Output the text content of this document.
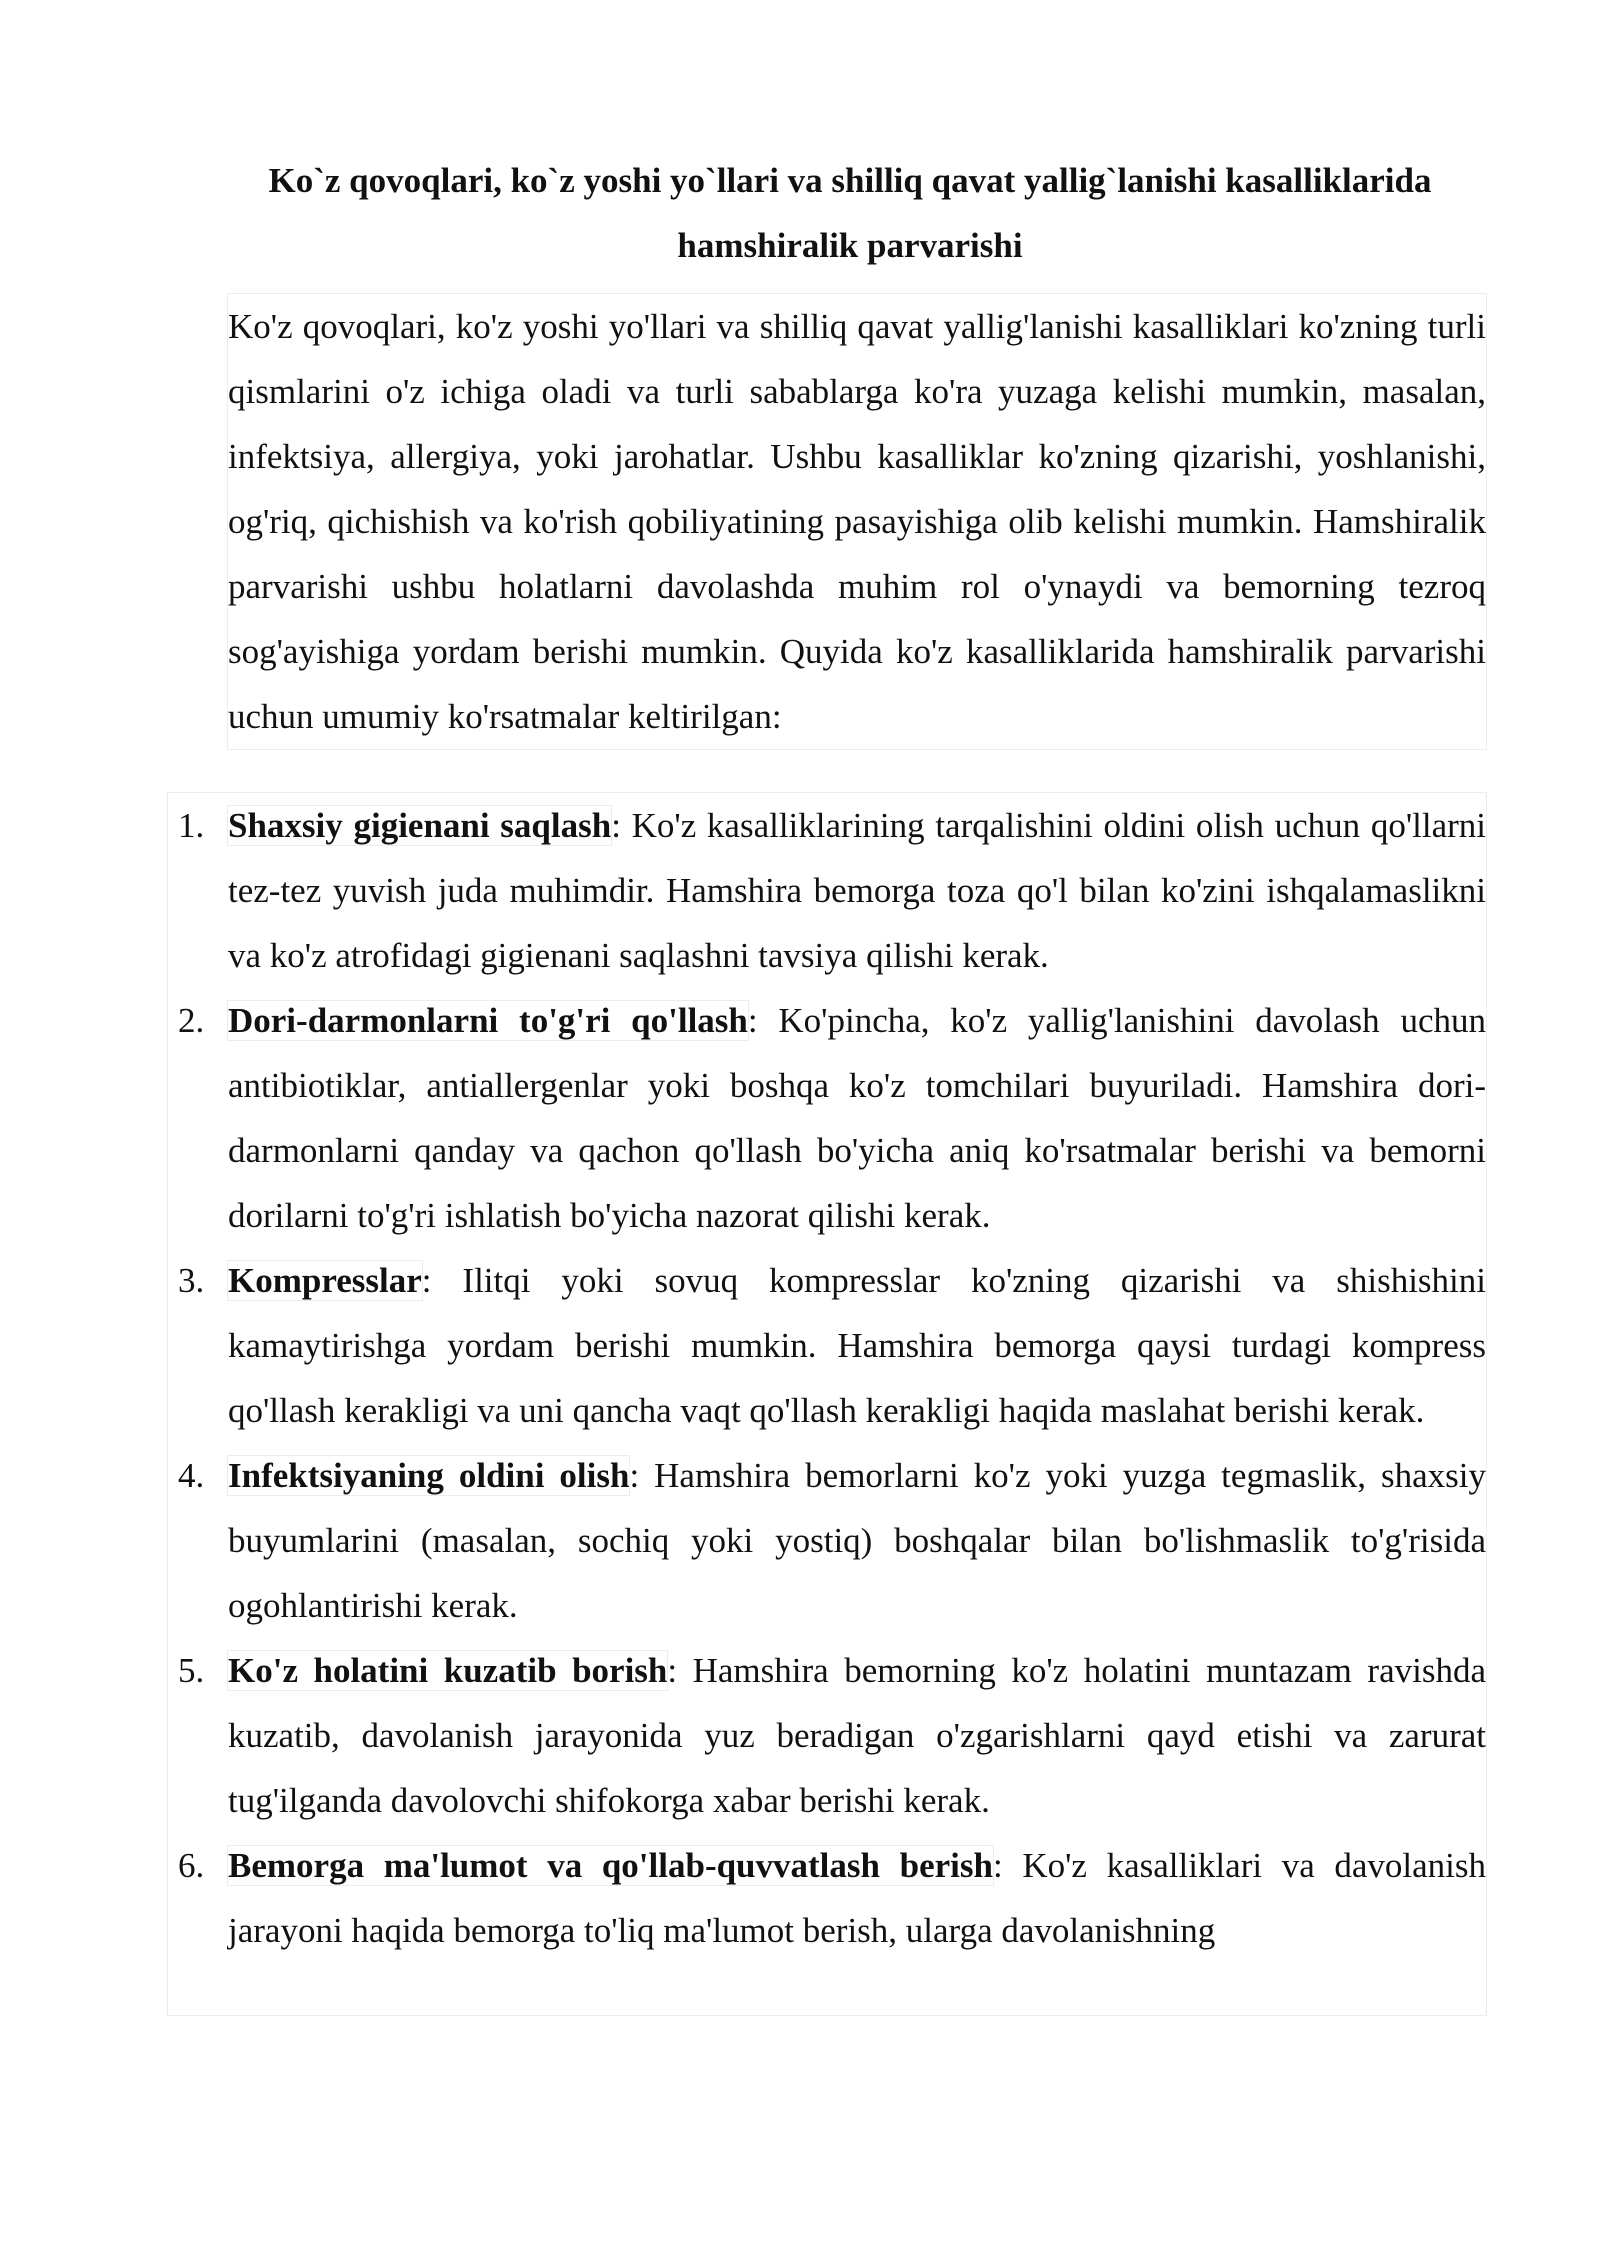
Ko`z qovoqlari, ko`z yoshi yo`llari va shilliq qavat yallig`lanishi kasalliklarida
hamshiralik parvarishi

Ko'z qovoqlari, ko'z yoshi yo'llari va shilliq qavat yallig'lanishi kasalliklari ko'zning turli qismlarini o'z ichiga oladi va turli sabablarga ko'ra yuzaga kelishi mumkin, masalan, infektsiya, allergiya, yoki jarohatlar. Ushbu kasalliklar ko'zning qizarishi, yoshlanishi, og'riq, qichishish va ko'rish qobiliyatining pasayishiga olib kelishi mumkin. Hamshiralik parvarishi ushbu holatlarni davolashda muhim rol o'ynaydi va bemorning tezroq sog'ayishiga yordam berishi mumkin. Quyida ko'z kasalliklarida hamshiralik parvarishi uchun umumiy ko'rsatmalar keltirilgan:

1. Shaxsiy gigienani saqlash: Ko'z kasalliklarining tarqalishini oldini olish uchun qo'llarni tez-tez yuvish juda muhimdir. Hamshira bemorga toza qo'l bilan ko'zini ishqalamaslikni va ko'z atrofidagi gigienani saqlashni tavsiya qilishi kerak.
2. Dori-darmonlarni to'g'ri qo'llash: Ko'pincha, ko'z yallig'lanishini davolash uchun antibiotiklar, antiallergenlar yoki boshqa ko'z tomchilari buyuriladi. Hamshira dori-darmonlarni qanday va qachon qo'llash bo'yicha aniq ko'rsatmalar berishi va bemorni dorilarni to'g'ri ishlatish bo'yicha nazorat qilishi kerak.
3. Kompresslar: Ilitqi yoki sovuq kompresslar ko'zning qizarishi va shishishini kamaytirishga yordam berishi mumkin. Hamshira bemorga qaysi turdagi kompress qo'llash kerakligi va uni qancha vaqt qo'llash kerakligi haqida maslahat berishi kerak.
4. Infektsiyaning oldini olish: Hamshira bemorlarni ko'z yoki yuzga tegmaslik, shaxsiy buyumlarini (masalan, sochiq yoki yostiq) boshqalar bilan bo'lishmaslik to'g'risida ogohlantirishi kerak.
5. Ko'z holatini kuzatib borish: Hamshira bemorning ko'z holatini muntazam ravishda kuzatib, davolanish jarayonida yuz beradigan o'zgarishlarni qayd etishi va zarurat tug'ilganda davolovchi shifokorga xabar berishi kerak.
6. Bemorga ma'lumot va qo'llab-quvvatlash berish: Ko'z kasalliklari va davolanish jarayoni haqida bemorga to'liq ma'lumot berish, ularga davolanishning
